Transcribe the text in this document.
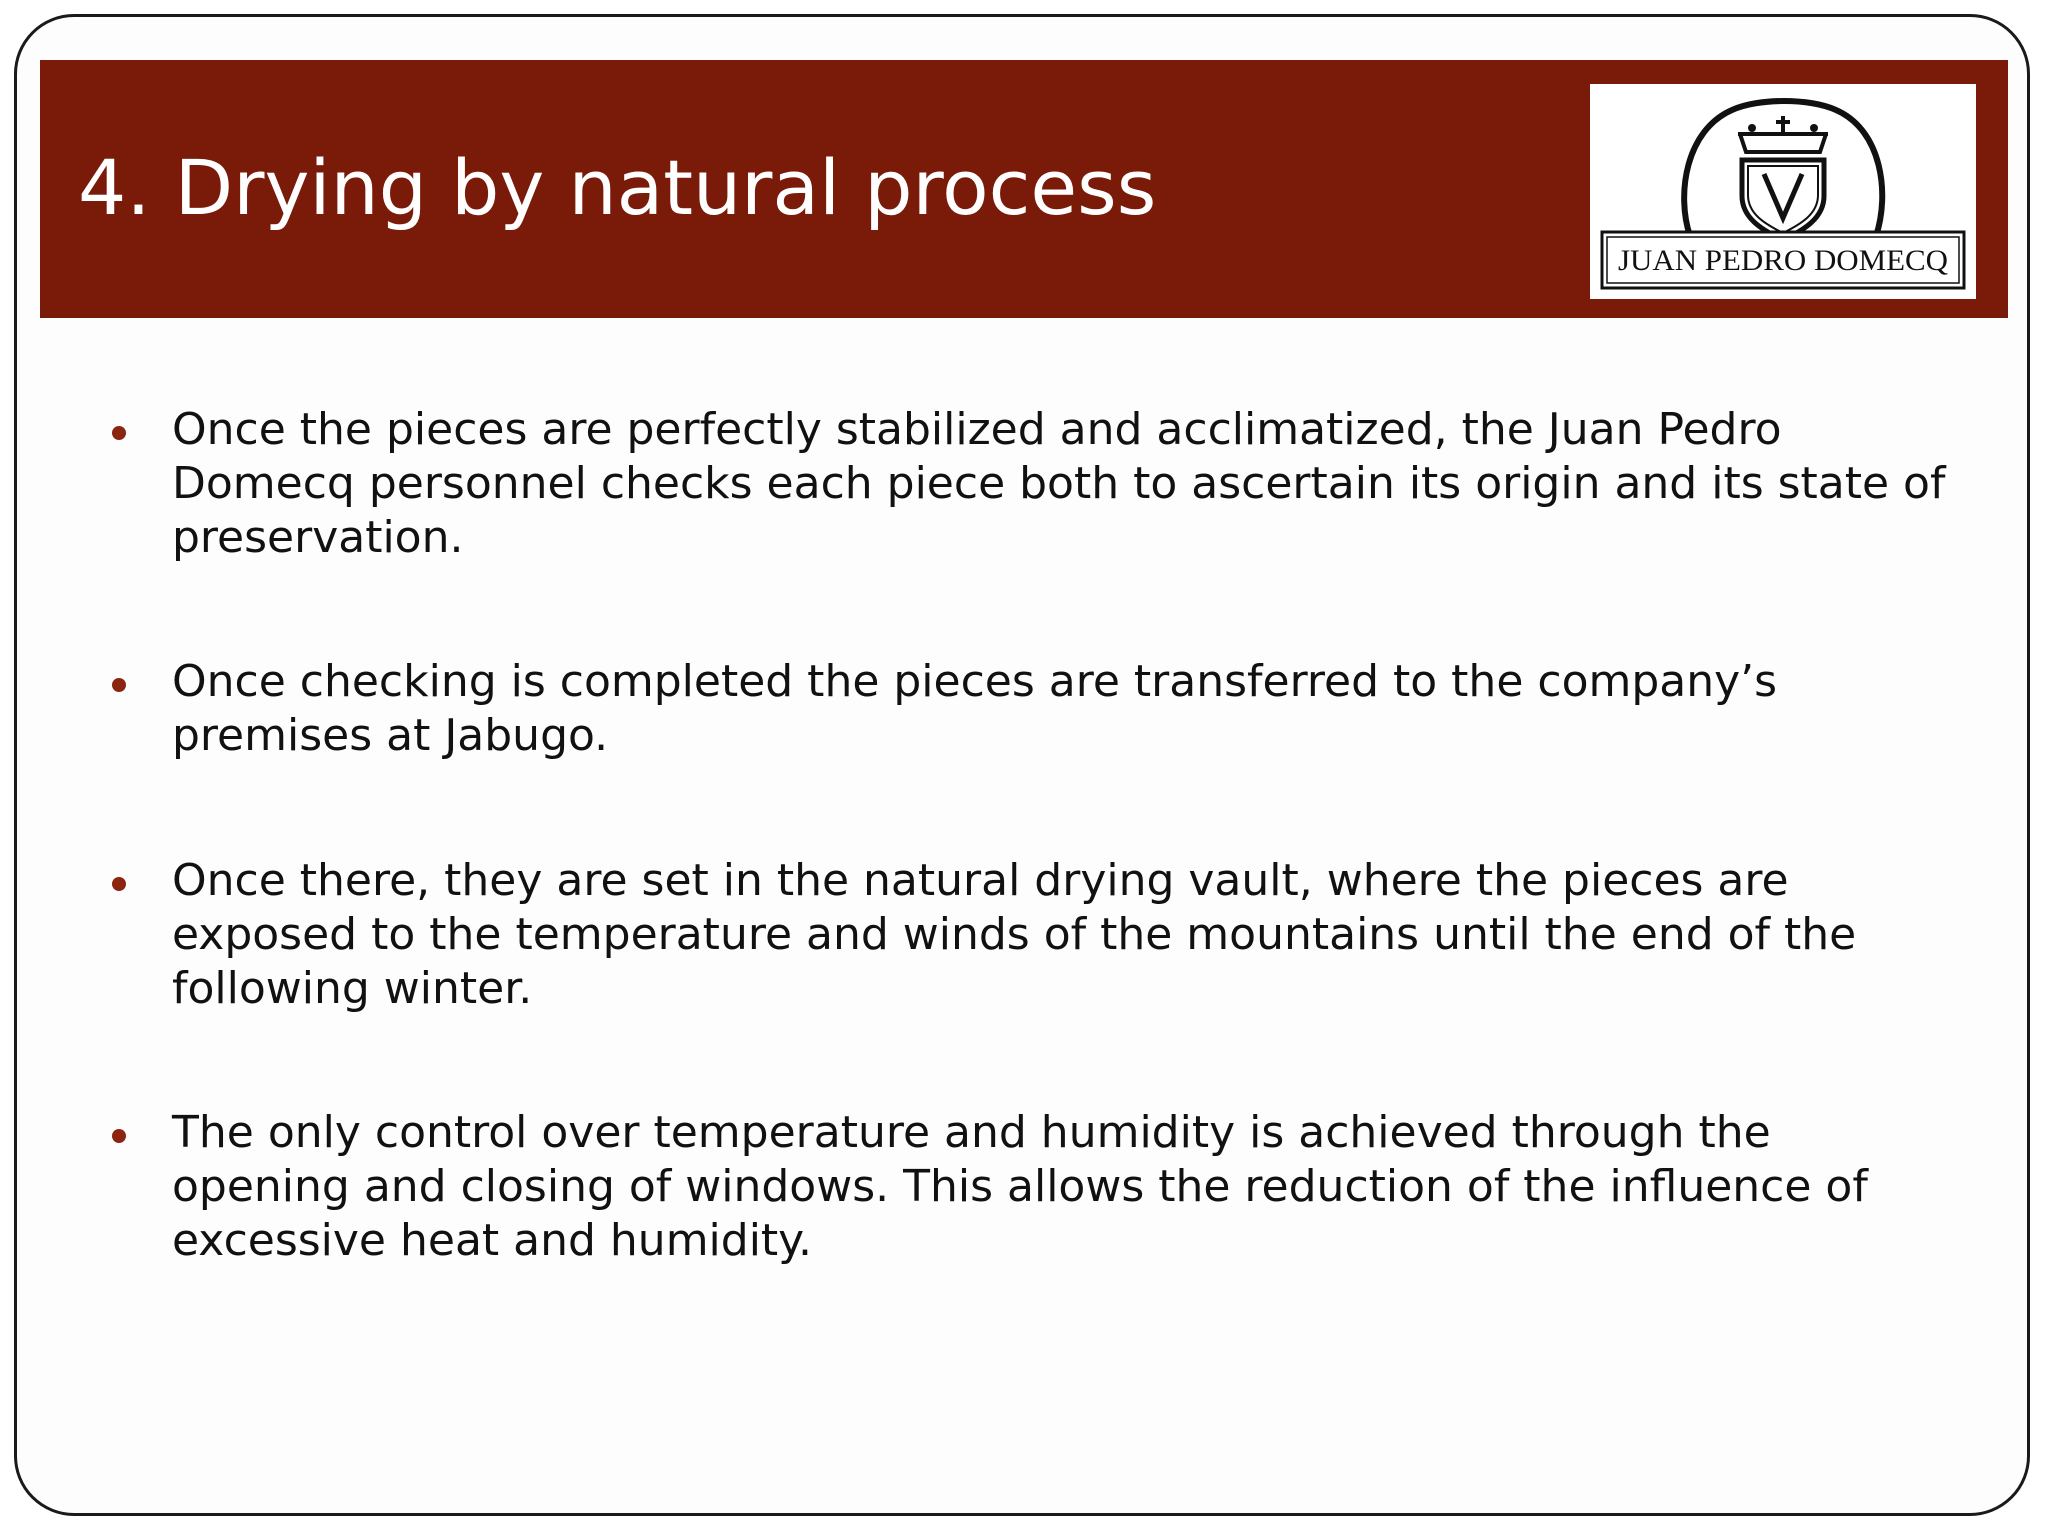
4. Drying by natural process
JUAN PEDRO DOMECQ
Once the pieces are perfectly stabilized and acclimatized, the Juan Pedro Domecq personnel checks each piece both to ascertain its origin and its state of preservation.
Once checking is completed the pieces are transferred to the company’s premises at Jabugo.
Once there, they are set in the natural drying vault, where the pieces are exposed to the temperature and winds of the mountains until the end of the following winter.
The only control over temperature and humidity is achieved through the opening and closing of windows. This allows the reduction of the influence of excessive heat and humidity.
